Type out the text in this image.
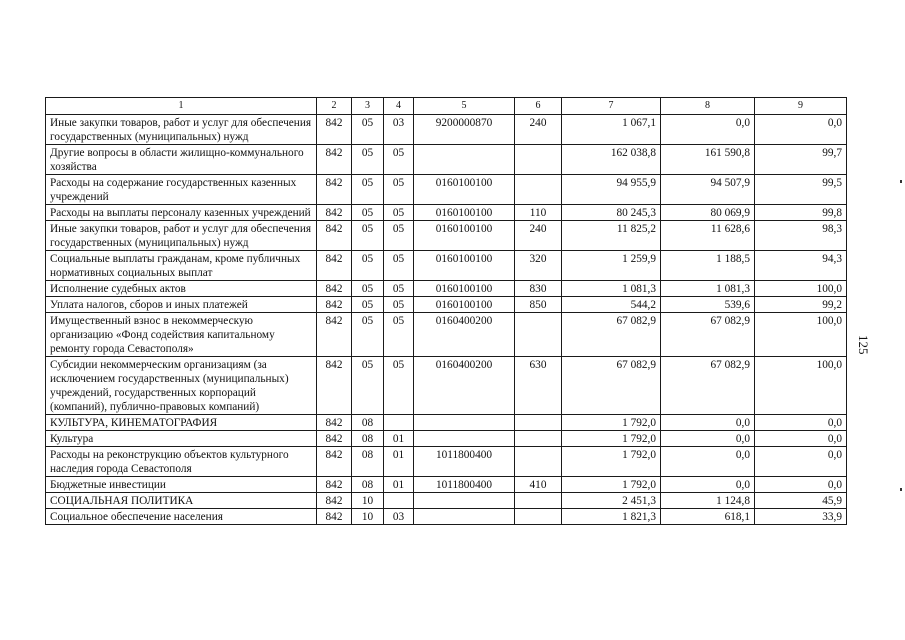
1	2	3	4	5	6	7	8	9
Иные закупки товаров, работ и услуг для обеспечения государственных (муниципальных) нужд	842	05	03	9200000870	240	1 067,1	0,0	0,0
Другие вопросы в области жилищно-коммунального хозяйства	842	05	05			162 038,8	161 590,8	99,7
Расходы на содержание государственных казенных учреждений	842	05	05	0160100100		94 955,9	94 507,9	99,5
Расходы на выплаты персоналу казенных учреждений	842	05	05	0160100100	110	80 245,3	80 069,9	99,8
Иные закупки товаров, работ и услуг для обеспечения государственных (муниципальных) нужд	842	05	05	0160100100	240	11 825,2	11 628,6	98,3
Социальные выплаты гражданам, кроме публичных нормативных социальных выплат	842	05	05	0160100100	320	1 259,9	1 188,5	94,3
Исполнение судебных актов	842	05	05	0160100100	830	1 081,3	1 081,3	100,0
Уплата налогов, сборов и иных платежей	842	05	05	0160100100	850	544,2	539,6	99,2
Имущественный взнос в некоммерческую организацию «Фонд содействия капитальному ремонту города Севастополя»	842	05	05	0160400200		67 082,9	67 082,9	100,0
Субсидии некоммерческим организациям (за исключением государственных (муниципальных) учреждений, государственных корпораций (компаний), публично-правовых компаний)	842	05	05	0160400200	630	67 082,9	67 082,9	100,0
КУЛЬТУРА, КИНЕМАТОГРАФИЯ	842	08				1 792,0	0,0	0,0
Культура	842	08	01			1 792,0	0,0	0,0
Расходы на реконструкцию объектов культурного наследия города Севастополя	842	08	01	1011800400		1 792,0	0,0	0,0
Бюджетные инвестиции	842	08	01	1011800400	410	1 792,0	0,0	0,0
СОЦИАЛЬНАЯ ПОЛИТИКА	842	10				2 451,3	1 124,8	45,9
Социальное обеспечение населения	842	10	03			1 821,3	618,1	33,9
125
